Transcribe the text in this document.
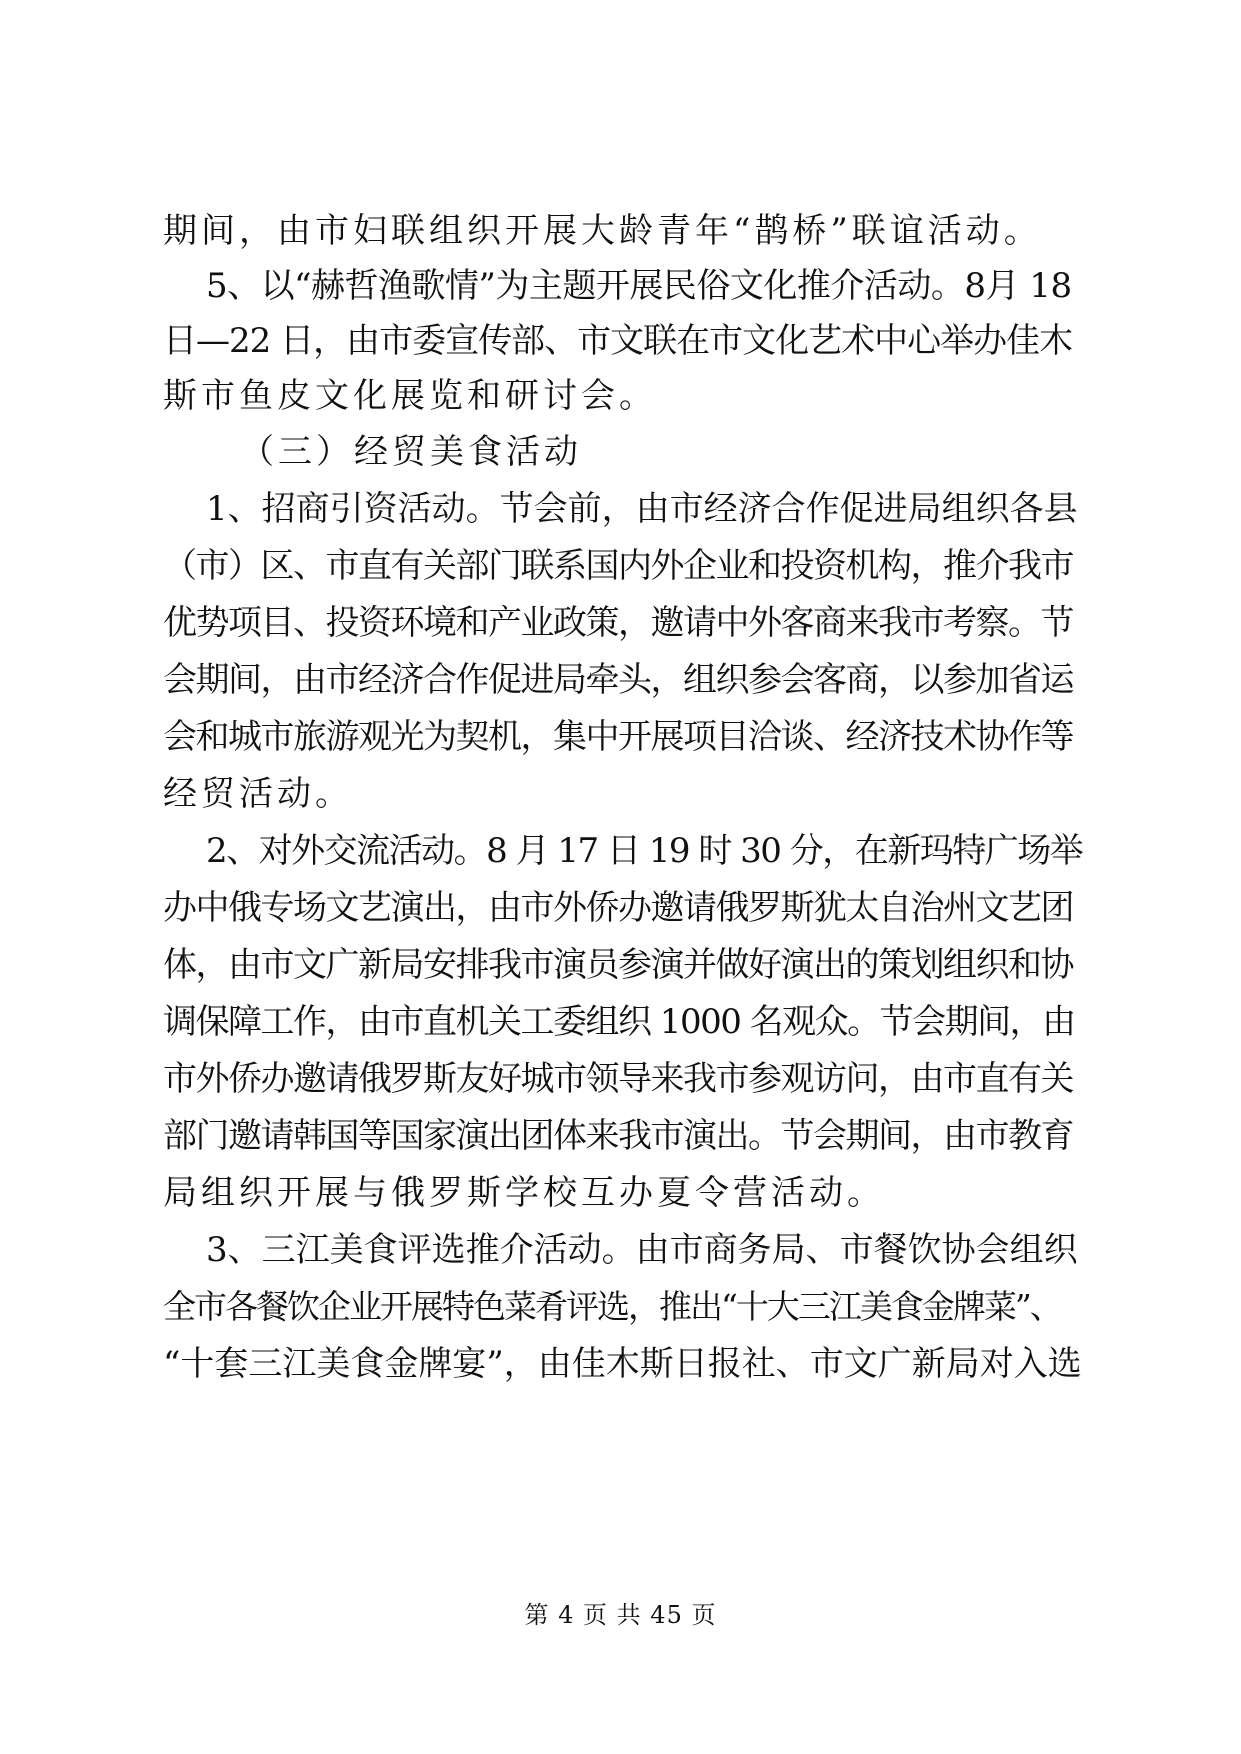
期间，由市妇联组织开展大龄青年“鹊桥”联谊活动。
5、以“赫哲渔歌情”为主题开展民俗文化推介活动。8月 18
日—22 日，由市委宣传部、市文联在市文化艺术中心举办佳木
斯市鱼皮文化展览和研讨会。
（三）经贸美食活动
1、招商引资活动。节会前，由市经济合作促进局组织各县
（市）区、市直有关部门联系国内外企业和投资机构，推介我市
优势项目、投资环境和产业政策，邀请中外客商来我市考察。节
会期间，由市经济合作促进局牵头，组织参会客商，以参加省运
会和城市旅游观光为契机，集中开展项目洽谈、经济技术协作等
经贸活动。
2、对外交流活动。8 月 17 日 19 时 30 分，在新玛特广场举
办中俄专场文艺演出，由市外侨办邀请俄罗斯犹太自治州文艺团
体，由市文广新局安排我市演员参演并做好演出的策划组织和协
调保障工作，由市直机关工委组织 1000 名观众。节会期间，由
市外侨办邀请俄罗斯友好城市领导来我市参观访问，由市直有关
部门邀请韩国等国家演出团体来我市演出。节会期间，由市教育
局组织开展与俄罗斯学校互办夏令营活动。
3、三江美食评选推介活动。由市商务局、市餐饮协会组织
全市各餐饮企业开展特色菜肴评选，推出“十大三江美食金牌菜”、
“十套三江美食金牌宴”，由佳木斯日报社、市文广新局对入选
第 4 页 共 45 页
